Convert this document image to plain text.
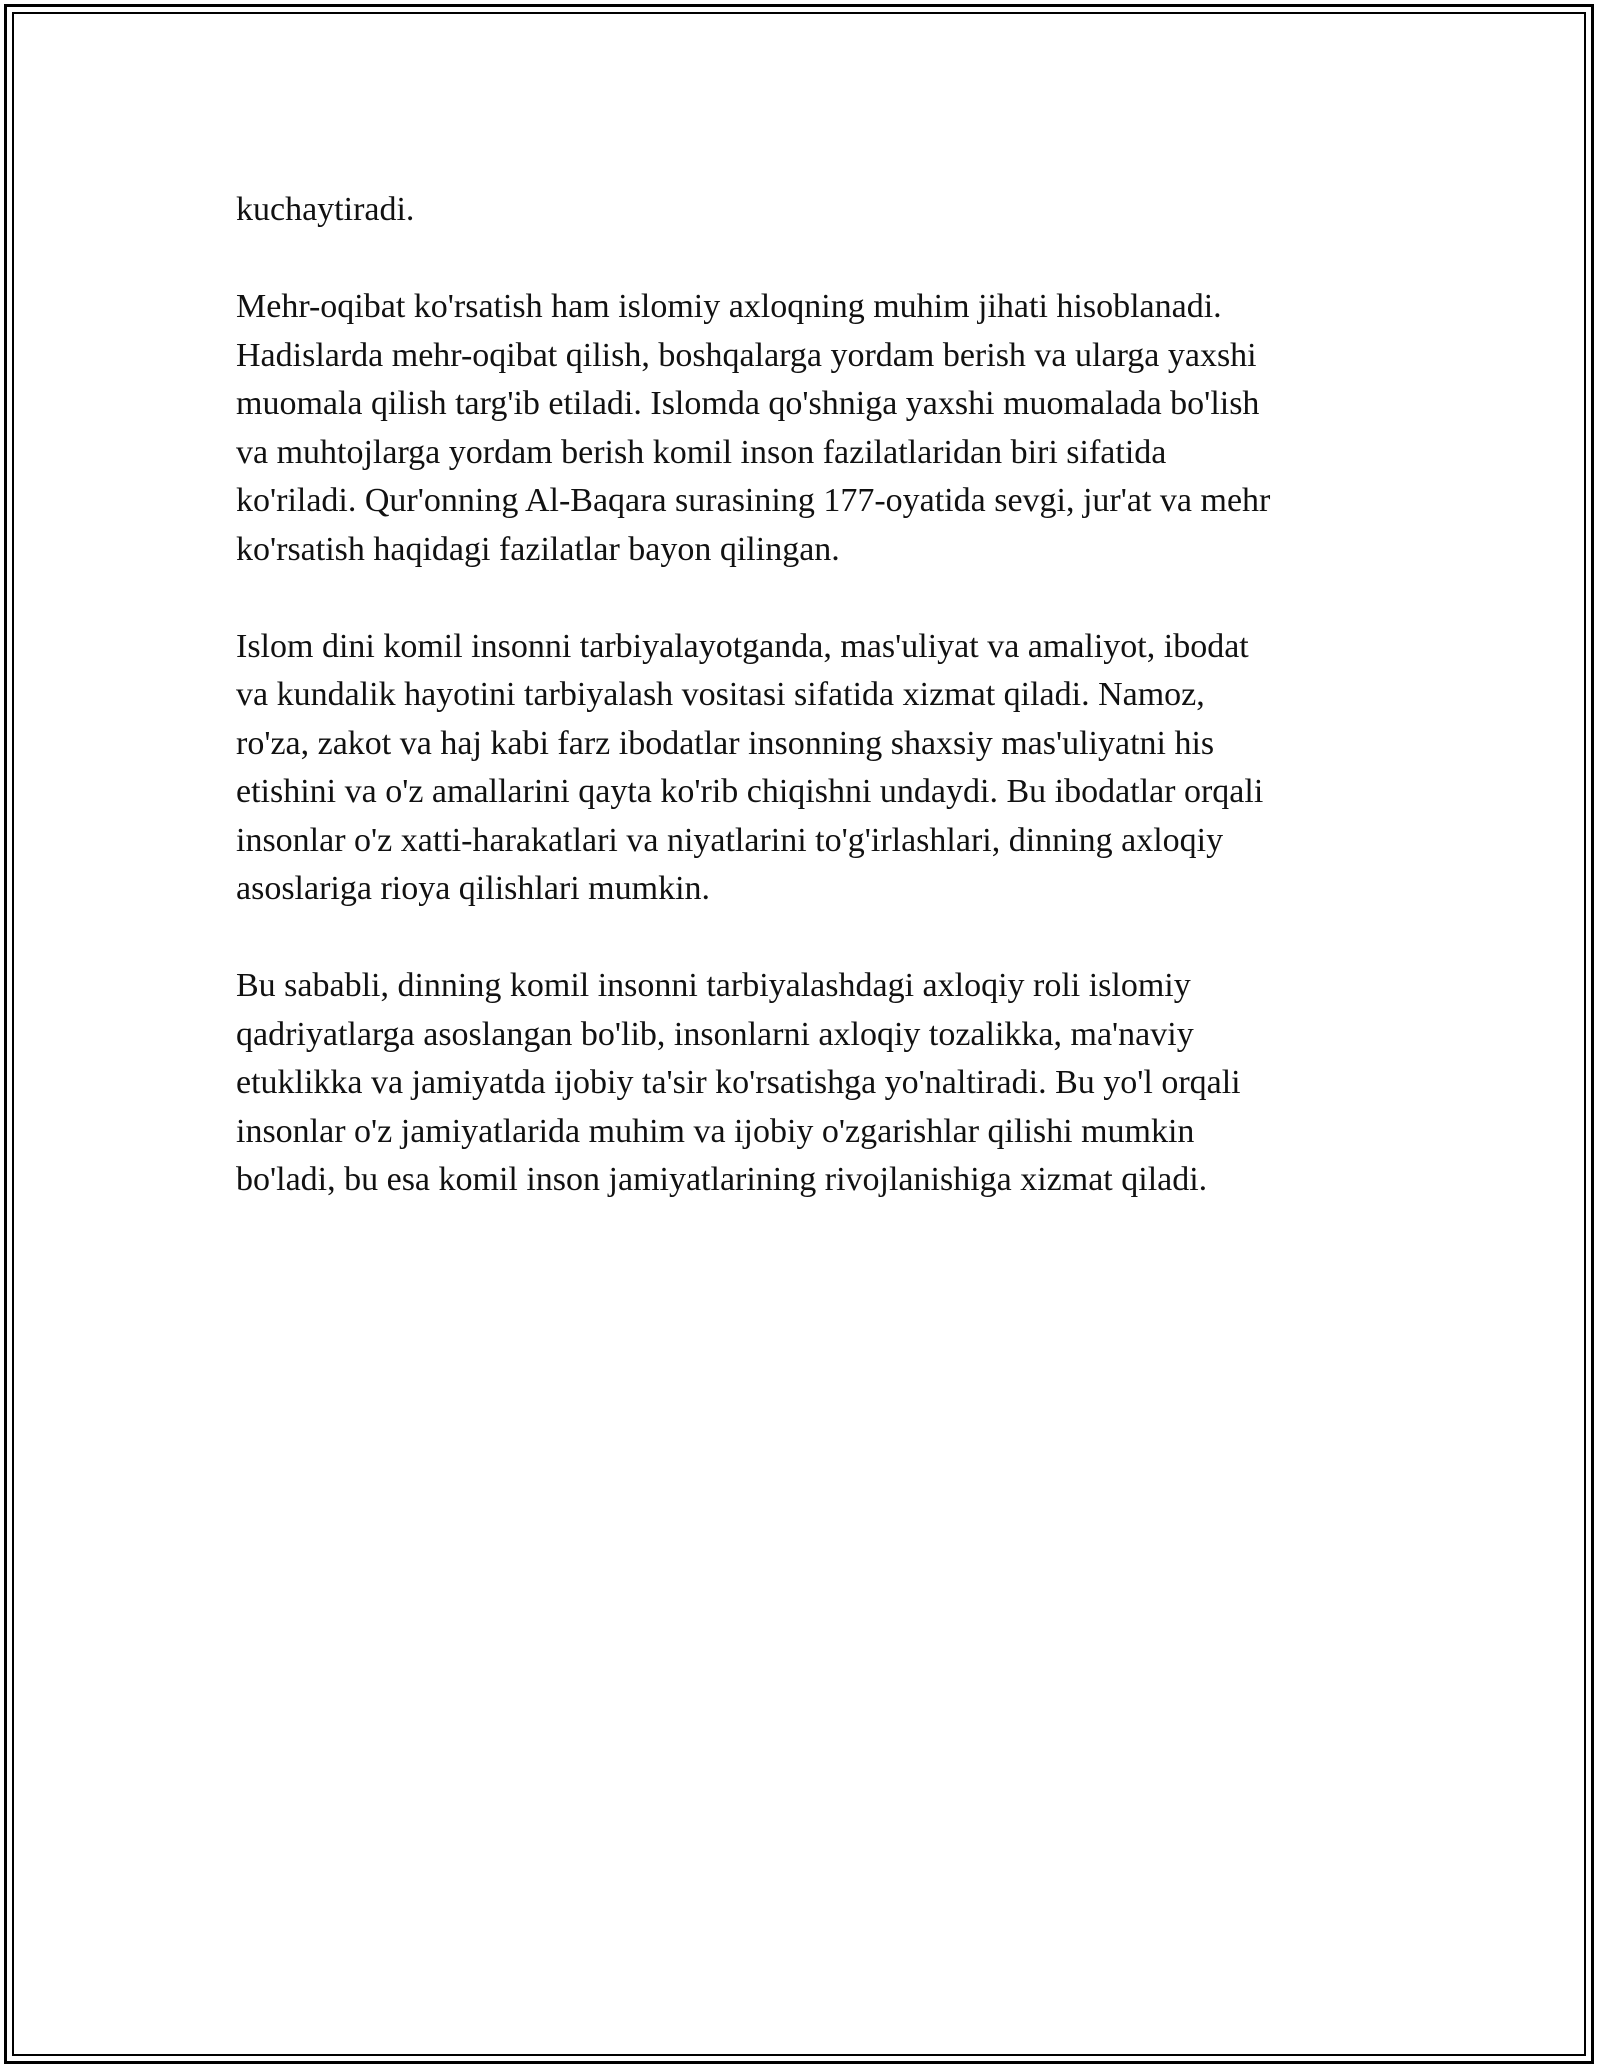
kuchaytiradi.

Mehr-oqibat ko'rsatish ham islomiy axloqning muhim jihati hisoblanadi.
Hadislarda mehr-oqibat qilish, boshqalarga yordam berish va ularga yaxshi
muomala qilish targ'ib etiladi. Islomda qo'shniga yaxshi muomalada bo'lish
va muhtojlarga yordam berish komil inson fazilatlaridan biri sifatida
ko'riladi. Qur'onning Al-Baqara surasining 177-oyatida sevgi, jur'at va mehr
ko'rsatish haqidagi fazilatlar bayon qilingan.

Islom dini komil insonni tarbiyalayotganda, mas'uliyat va amaliyot, ibodat
va kundalik hayotini tarbiyalash vositasi sifatida xizmat qiladi. Namoz,
ro'za, zakot va haj kabi farz ibodatlar insonning shaxsiy mas'uliyatni his
etishini va o'z amallarini qayta ko'rib chiqishni undaydi. Bu ibodatlar orqali
insonlar o'z xatti-harakatlari va niyatlarini to'g'irlashlari, dinning axloqiy
asoslariga rioya qilishlari mumkin.

Bu sababli, dinning komil insonni tarbiyalashdagi axloqiy roli islomiy
qadriyatlarga asoslangan bo'lib, insonlarni axloqiy tozalikka, ma'naviy
etuklikka va jamiyatda ijobiy ta'sir ko'rsatishga yo'naltiradi. Bu yo'l orqali
insonlar o'z jamiyatlarida muhim va ijobiy o'zgarishlar qilishi mumkin
bo'ladi, bu esa komil inson jamiyatlarining rivojlanishiga xizmat qiladi.
